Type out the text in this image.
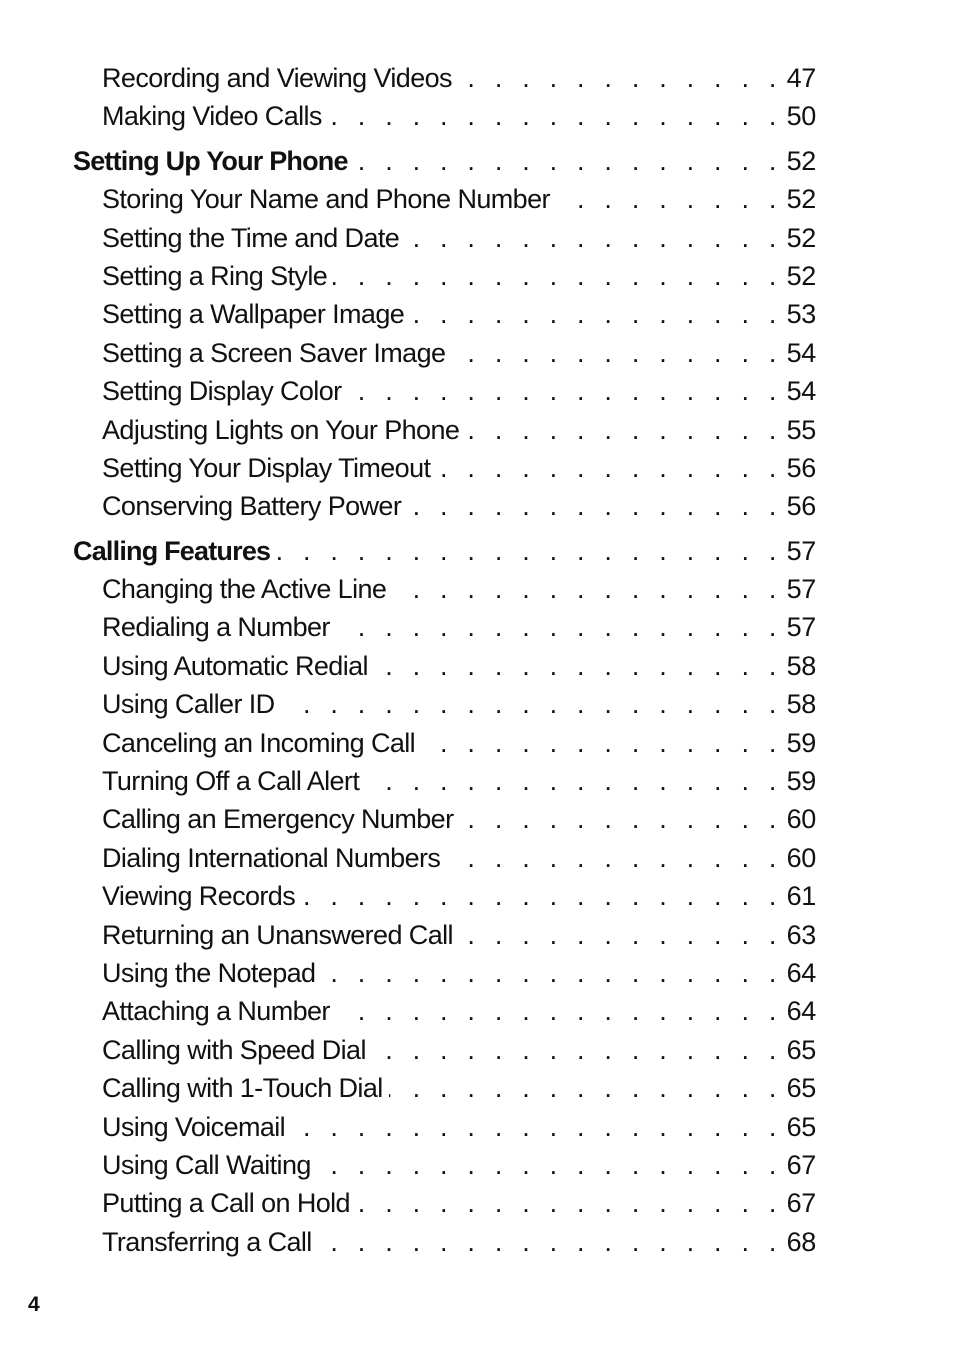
Recording and Viewing Videos . . .	47
Making Video Calls . . .	50
Setting Up Your Phone . . .	52
Storing Your Name and Phone Number . . .	52
Setting the Time and Date . . .	52
Setting a Ring Style . . .	52
Setting a Wallpaper Image . . .	53
Setting a Screen Saver Image . . .	54
Setting Display Color . . .	54
Adjusting Lights on Your Phone . . .	55
Setting Your Display Timeout . . .	56
Conserving Battery Power . . .	56
Calling Features . . .	57
Changing the Active Line . . .	57
Redialing a Number . . .	57
Using Automatic Redial . . .	58
Using Caller ID . . .	58
Canceling an Incoming Call . . .	59
Turning Off a Call Alert . . .	59
Calling an Emergency Number . . .	60
Dialing International Numbers . . .	60
Viewing Records . . .	61
Returning an Unanswered Call . . .	63
Using the Notepad . . .	64
Attaching a Number . . .	64
Calling with Speed Dial . . .	65
Calling with 1-Touch Dial . . .	65
Using Voicemail . . .	65
Using Call Waiting . . .	67
Putting a Call on Hold . . .	67
Transferring a Call . . .	68
4
